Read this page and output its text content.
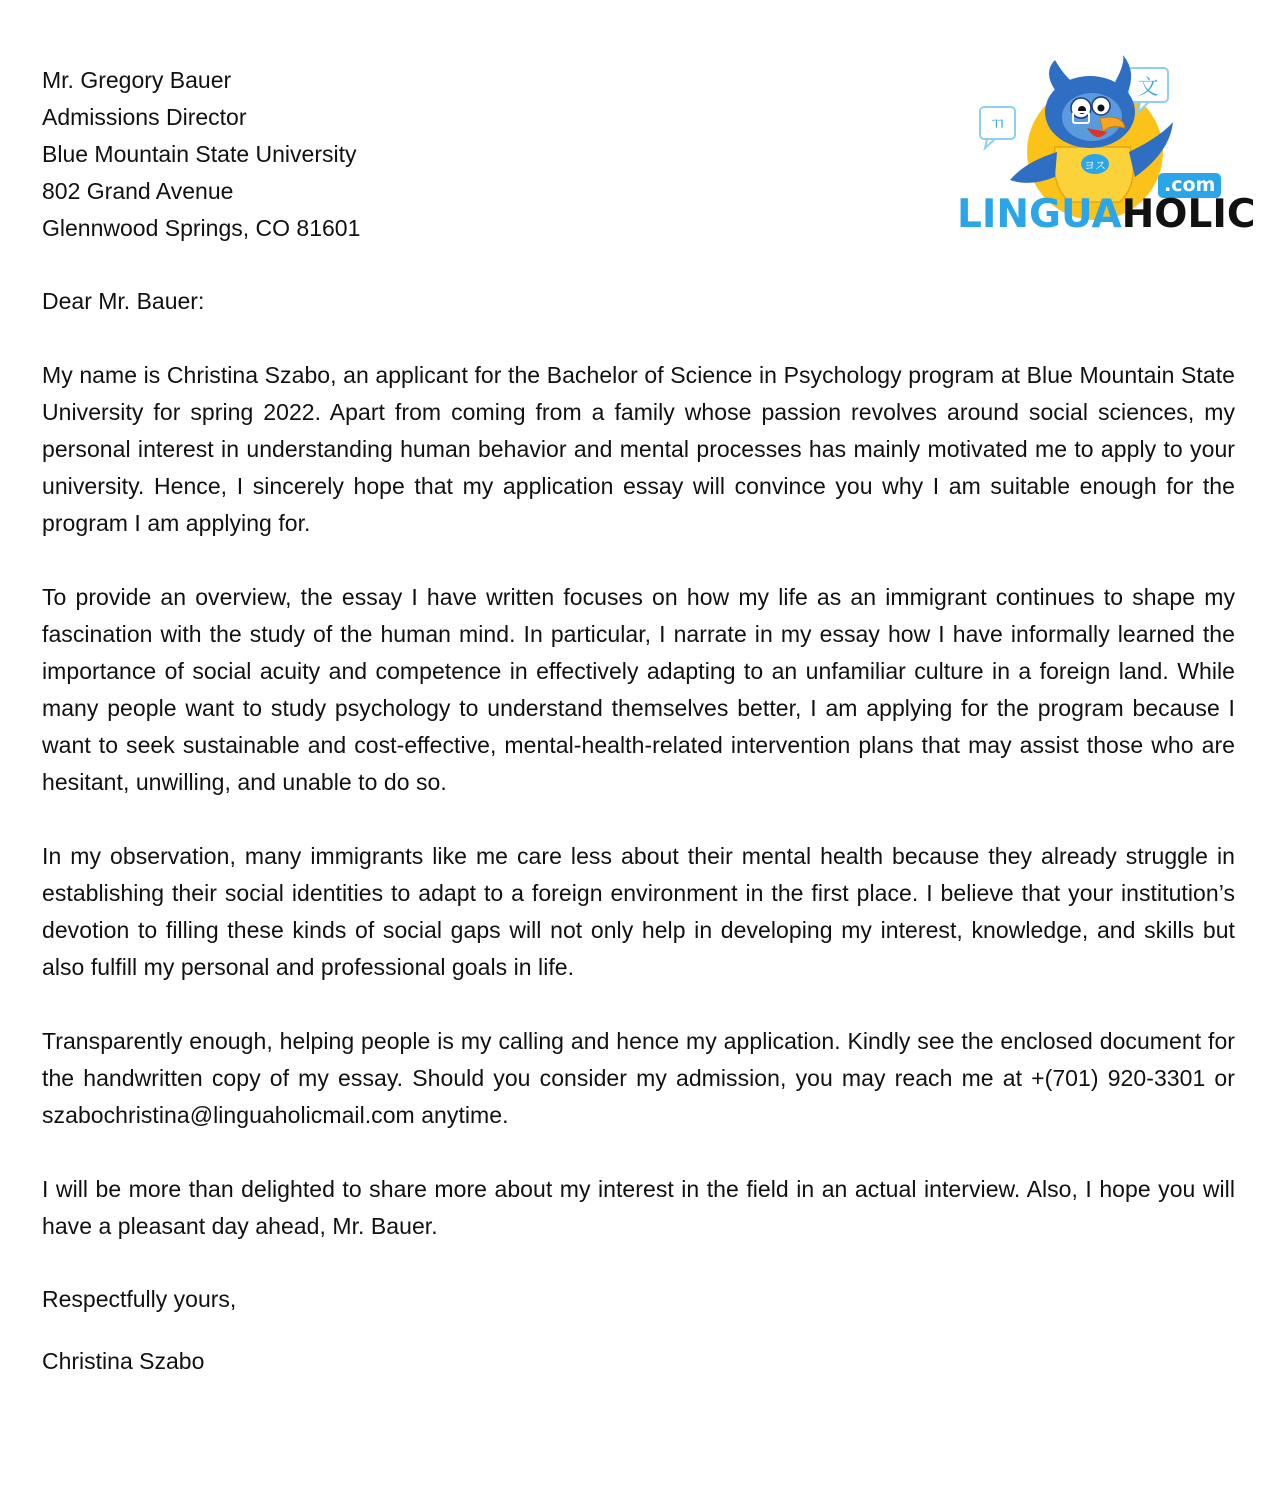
ㄲ
文
ヨス
.com
LINGUAHOLIC
Mr. Gregory Bauer
Admissions Director
Blue Mountain State University
802 Grand Avenue
Glennwood Springs, CO 81601
Dear Mr. Bauer:
My name is Christina Szabo, an applicant for the Bachelor of Science in Psychology program at Blue Mountain State University for spring 2022. Apart from coming from a family whose passion revolves around social sciences, my personal interest in understanding human behavior and mental processes has mainly motivated me to apply to your university. Hence, I sincerely hope that my application essay will convince you why I am suitable enough for the program I am applying for.
To provide an overview, the essay I have written focuses on how my life as an immigrant continues to shape my fascination with the study of the human mind. In particular, I narrate in my essay how I have informally learned the importance of social acuity and competence in effectively adapting to an unfamiliar culture in a foreign land. While many people want to study psychology to understand themselves better, I am applying for the program because I want to seek sustainable and cost-effective, mental-health-related intervention plans that may assist those who are hesitant, unwilling, and unable to do so.
In my observation, many immigrants like me care less about their mental health because they already struggle in establishing their social identities to adapt to a foreign environment in the first place. I believe that your institution’s devotion to filling these kinds of social gaps will not only help in developing my interest, knowledge, and skills but also fulfill my personal and professional goals in life.
Transparently enough, helping people is my calling and hence my application. Kindly see the enclosed document for the handwritten copy of my essay. Should you consider my admission, you may reach me at +(701) 920-3301 or szabochristina@linguaholicmail.com anytime.
I will be more than delighted to share more about my interest in the field in an actual interview. Also, I hope you will have a pleasant day ahead, Mr. Bauer.
Respectfully yours,
Christina Szabo
